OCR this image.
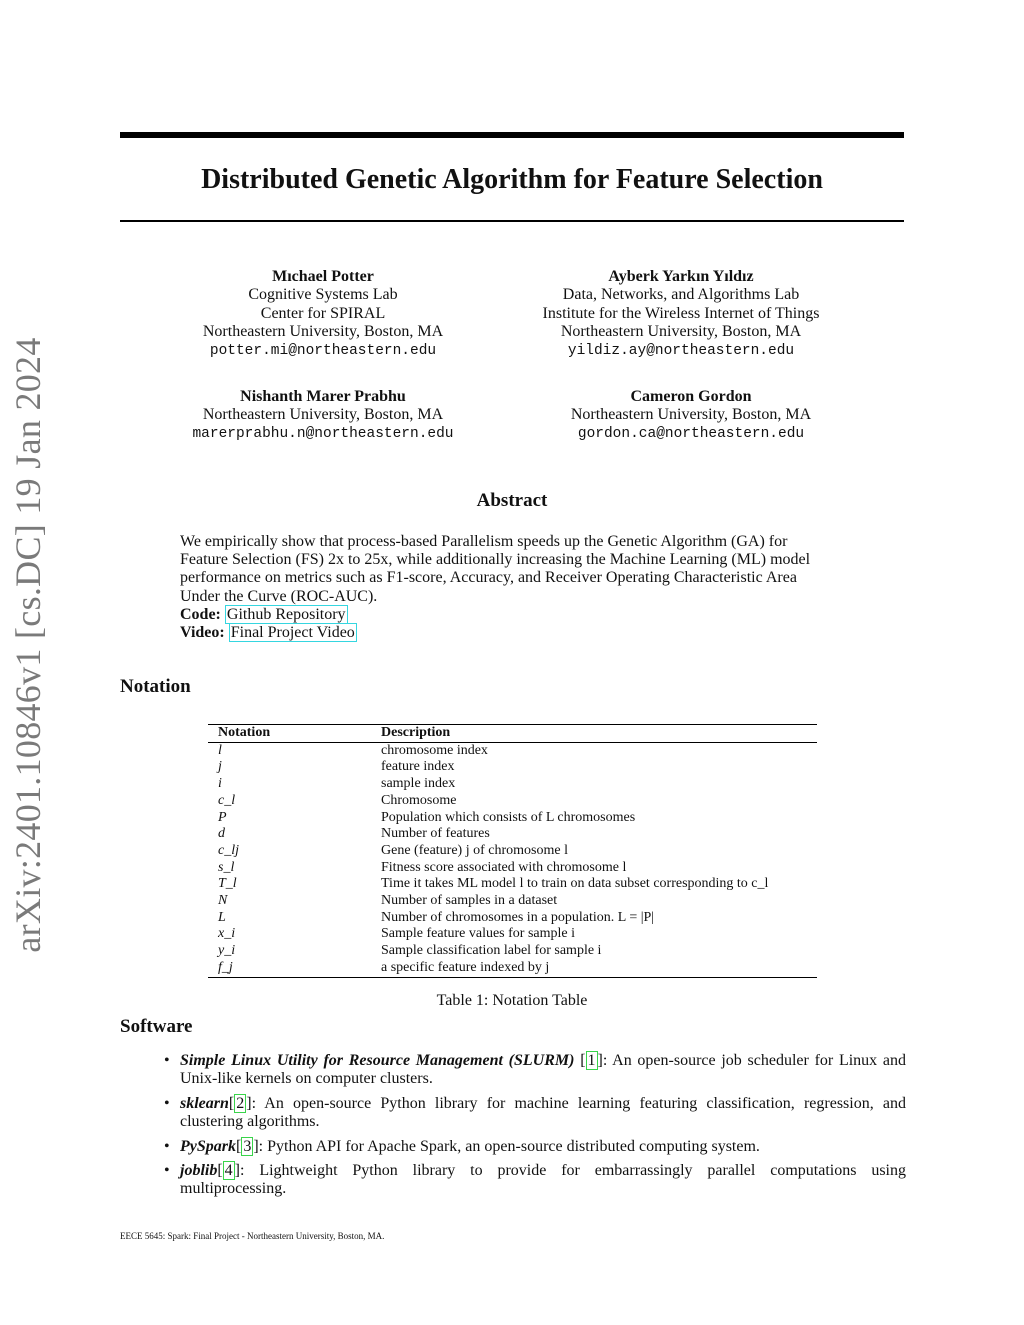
arXiv:2401.10846v1 [cs.DC] 19 Jan 2024
Distributed Genetic Algorithm for Feature Selection
Mıchael Potter
Cognitive Systems Lab
Center for SPIRAL
Northeastern University, Boston, MA
potter.mi@northeastern.edu
Ayberk Yarkın Yıldız
Data, Networks, and Algorithms Lab
Institute for the Wireless Internet of Things
Northeastern University, Boston, MA
yildiz.ay@northeastern.edu
Nishanth Marer Prabhu
Northeastern University, Boston, MA
marerprabhu.n@northeastern.edu
Cameron Gordon
Northeastern University, Boston, MA
gordon.ca@northeastern.edu
Abstract
We empirically show that process-based Parallelism speeds up the Genetic Algorithm (GA) for
Feature Selection (FS) 2x to 25x, while additionally increasing the Machine Learning (ML) model
performance on metrics such as F1-score, Accuracy, and Receiver Operating Characteristic Area
Under the Curve (ROC-AUC).
Code: Github Repository
Video: Final Project Video
Notation
Notation	Description
l	chromosome index
j	feature index
i	sample index
c_l	Chromosome
P	Population which consists of L chromosomes
d	Number of features
c_lj	Gene (feature) j of chromosome l
s_l	Fitness score associated with chromosome l
T_l	Time it takes ML model l to train on data subset corresponding to c_l
N	Number of samples in a dataset
L	Number of chromosomes in a population. L = |P|
x_i	Sample feature values for sample i
y_i	Sample classification label for sample i
f_j	a specific feature indexed by j
Table 1: Notation Table
Software
• Simple Linux Utility for Resource Management (SLURM) [ 1 ]: An open-source job scheduler for Linux and Unix-like kernels on computer clusters.
• sklearn[ 2 ]: An open-source Python library for machine learning featuring classification, regression, and clustering algorithms.
• PySpark[ 3 ]: Python API for Apache Spark, an open-source distributed computing system.
• joblib[ 4 ]: Lightweight Python library to provide for embarrassingly parallel computations using multiprocessing.
EECE 5645: Spark: Final Project - Northeastern University, Boston, MA.
